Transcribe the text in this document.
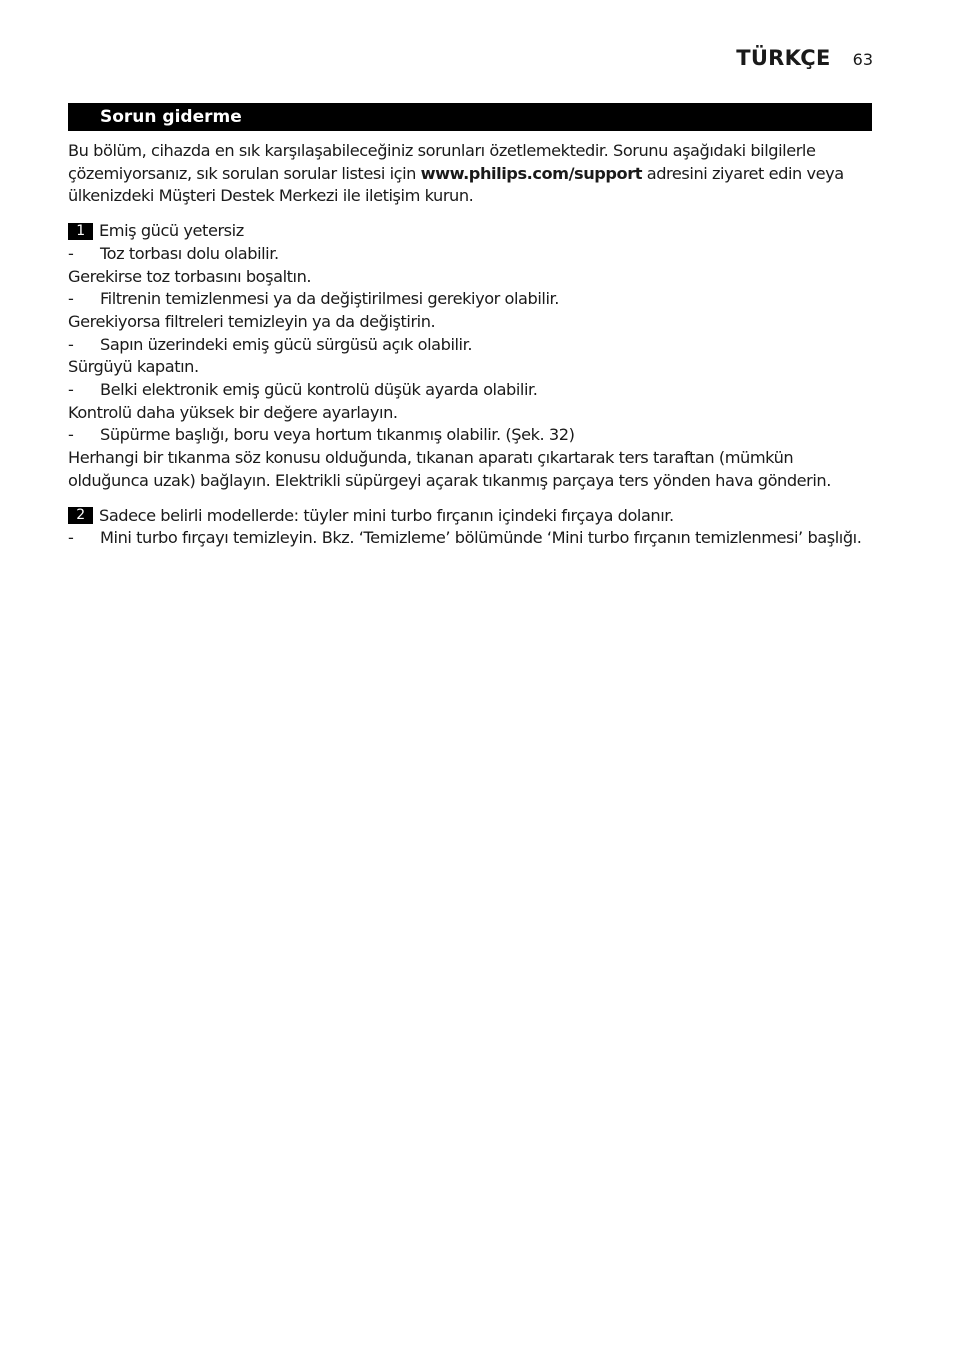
TÜRKÇE 63
Sorun giderme

Bu bölüm, cihazda en sık karşılaşabileceğiniz sorunları özetlemektedir. Sorunu aşağıdaki bilgilerle çözemiyorsanız, sık sorulan sorular listesi için www.philips.com/support adresini ziyaret edin veya ülkenizdeki Müşteri Destek Merkezi ile iletişim kurun.

1 Emiş gücü yetersiz
-	Toz torbası dolu olabilir.

Gerekirse toz torbasını boşaltın.

-	Filtrenin temizlenmesi ya da değiştirilmesi gerekiyor olabilir.

Gerekiyorsa filtreleri temizleyin ya da değiştirin.

-	Sapın üzerindeki emiş gücü sürgüsü açık olabilir.

Sürgüyü kapatın.

-	Belki elektronik emiş gücü kontrolü düşük ayarda olabilir.

Kontrolü daha yüksek bir değere ayarlayın.

-	Süpürme başlığı, boru veya hortum tıkanmış olabilir. (Şek. 32)

Herhangi bir tıkanma söz konusu olduğunda, tıkanan aparatı çıkartarak ters taraftan (mümkün olduğunca uzak) bağlayın. Elektrikli süpürgeyi açarak tıkanmış parçaya ters yönden hava gönderin.

2 Sadece belirli modellerde: tüyler mini turbo fırçanın içindeki fırçaya dolanır.
-	Mini turbo fırçayı temizleyin. Bkz. ‘Temizleme’ bölümünde ‘Mini turbo fırçanın temizlenmesi’ başlığı.
